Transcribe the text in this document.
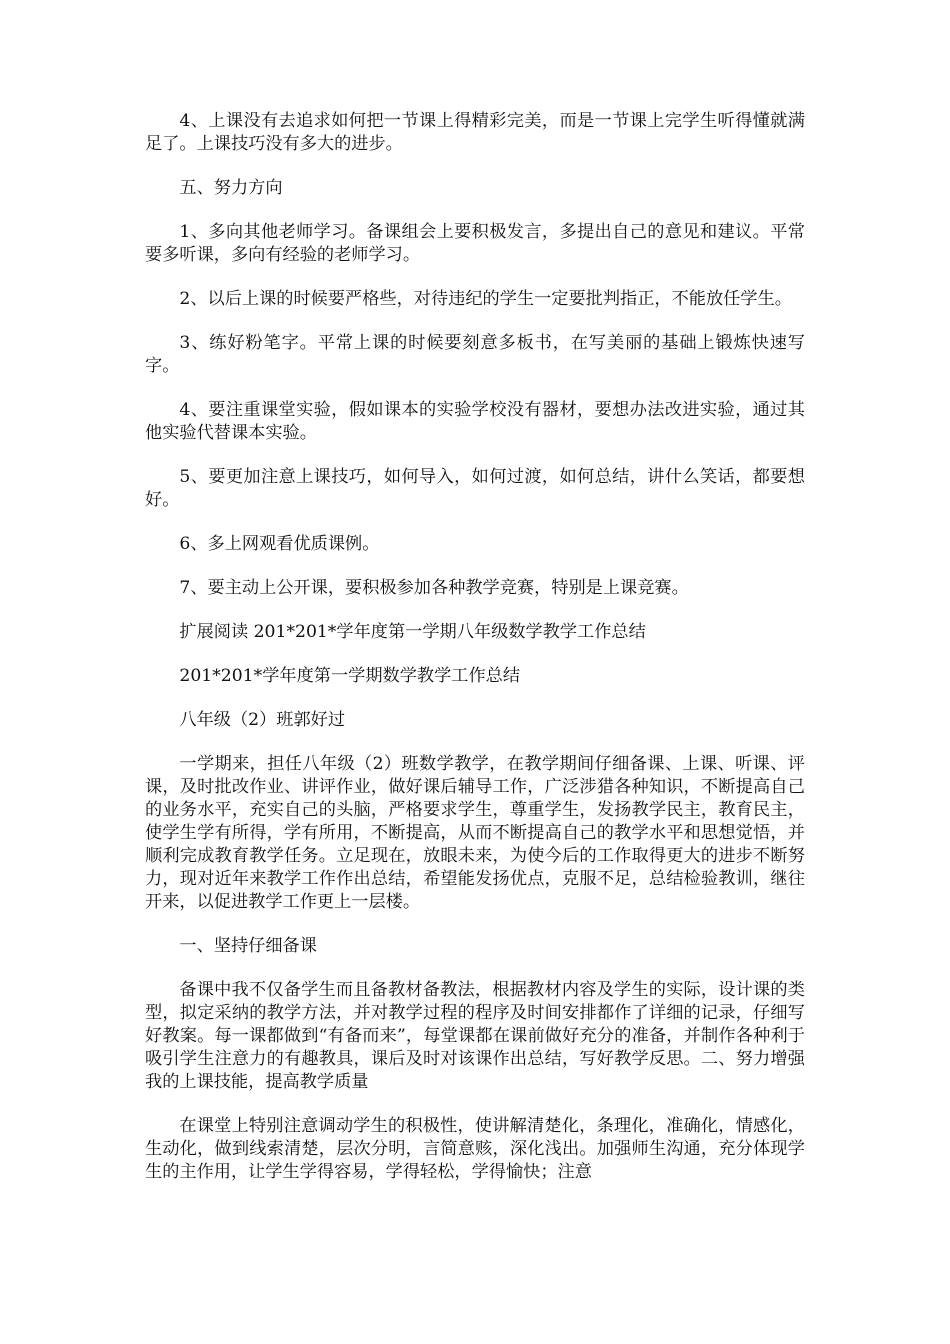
4、上课没有去追求如何把一节课上得精彩完美，而是一节课上完学生听得懂就满足了。上课技巧没有多大的进步。

五、努力方向

1、多向其他老师学习。备课组会上要积极发言，多提出自己的意见和建议。平常要多听课，多向有经验的老师学习。

2、以后上课的时候要严格些，对待违纪的学生一定要批判指正，不能放任学生。

3、练好粉笔字。平常上课的时候要刻意多板书，在写美丽的基础上锻炼快速写字。

4、要注重课堂实验，假如课本的实验学校没有器材，要想办法改进实验，通过其他实验代替课本实验。

5、要更加注意上课技巧，如何导入，如何过渡，如何总结，讲什么笑话，都要想好。

6、多上网观看优质课例。

7、要主动上公开课，要积极参加各种教学竞赛，特别是上课竞赛。

扩展阅读 201*201*学年度第一学期八年级数学教学工作总结

201*201*学年度第一学期数学教学工作总结

八年级（2）班郭好过

一学期来，担任八年级（2）班数学教学，在教学期间仔细备课、上课、听课、评课，及时批改作业、讲评作业，做好课后辅导工作，广泛涉猎各种知识，不断提高自己的业务水平，充实自己的头脑，严格要求学生，尊重学生，发扬教学民主，教育民主，使学生学有所得，学有所用，不断提高，从而不断提高自己的教学水平和思想觉悟，并顺利完成教育教学任务。立足现在，放眼未来，为使今后的工作取得更大的进步不断努力，现对近年来教学工作作出总结，希望能发扬优点，克服不足，总结检验教训，继往开来，以促进教学工作更上一层楼。

一、坚持仔细备课

备课中我不仅备学生而且备教材备教法，根据教材内容及学生的实际，设计课的类型，拟定采纳的教学方法，并对教学过程的程序及时间安排都作了详细的记录，仔细写好教案。每一课都做到“有备而来”，每堂课都在课前做好充分的准备，并制作各种利于吸引学生注意力的有趣教具，课后及时对该课作出总结，写好教学反思。二、努力增强我的上课技能，提高教学质量

在课堂上特别注意调动学生的积极性，使讲解清楚化，条理化，准确化，情感化，生动化，做到线索清楚，层次分明，言简意赅，深化浅出。加强师生沟通，充分体现学生的主作用，让学生学得容易，学得轻松，学得愉快；注意
